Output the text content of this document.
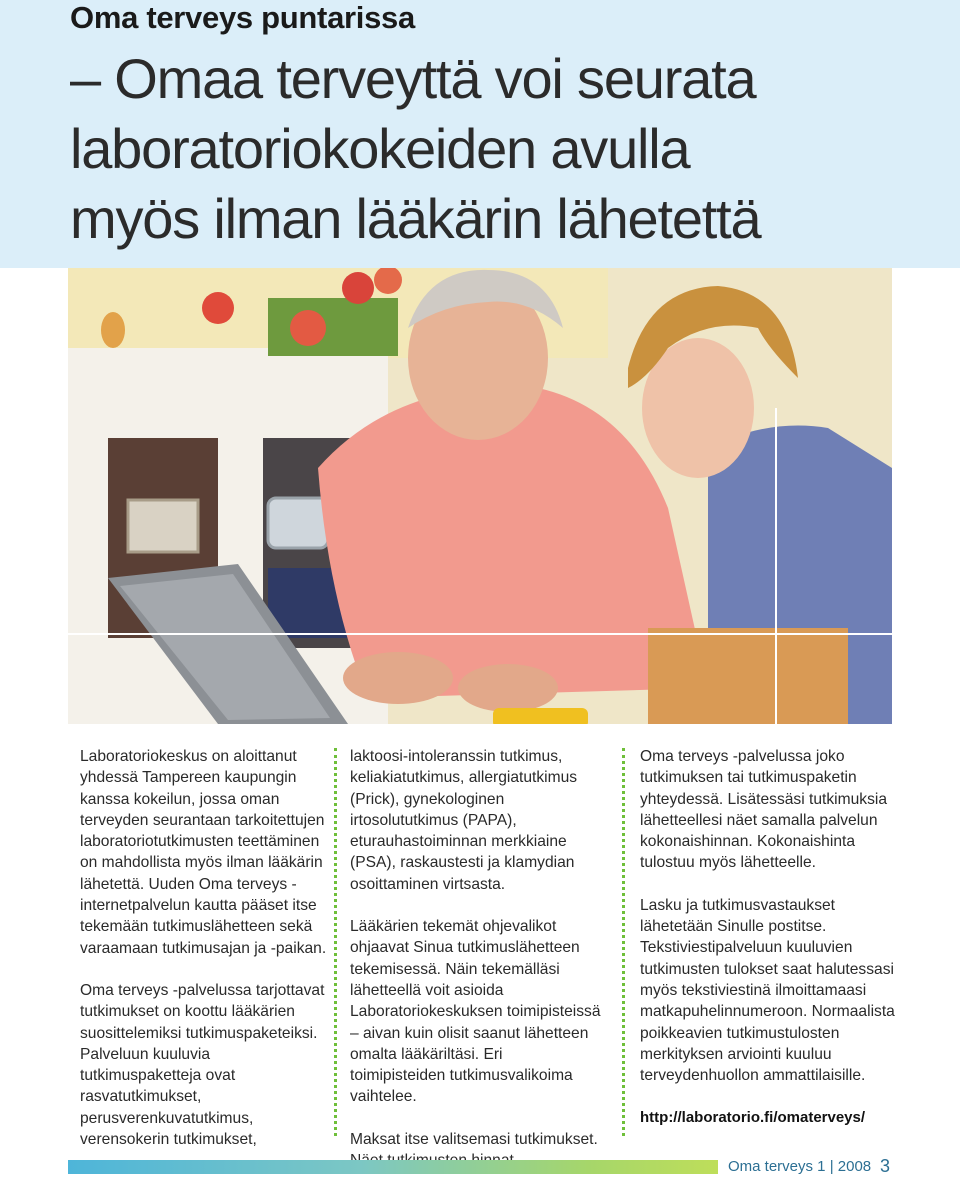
Oma terveys puntarissa
– Omaa terveyttä voi seurata
laboratoriokokeiden avulla
myös ilman lääkärin lähetettä

Laboratoriokeskus on aloittanut yhdessä Tampereen kaupungin kanssa kokeilun, jossa oman terveyden seurantaan tarkoitettujen laboratoriotutkimusten teettäminen on mahdollista myös ilman lääkärin lähetettä. Uuden Oma terveys -internetpalvelun kautta pääset itse tekemään tutkimuslähetteen sekä varaamaan tutkimusajan ja -paikan.

Oma terveys -palvelussa tarjottavat tutkimukset on koottu lääkärien suosittelemiksi tutkimuspaketeiksi. Palveluun kuuluvia tutkimuspaketteja ovat rasvatutkimukset, perusverenkuvatutkimus, verensokerin tutkimukset,

laktoosi-intoleranssin tutkimus, keliakiatutkimus, allergiatutkimus (Prick), gynekologinen irtosolututkimus (PAPA), eturauhastoiminnan merkkiaine (PSA), raskaustesti ja klamydian osoittaminen virtsasta.

Lääkärien tekemät ohjevalikot ohjaavat Sinua tutkimuslähetteen tekemisessä. Näin tekemälläsi lähetteellä voit asioida Laboratoriokeskuksen toimipisteissä – aivan kuin olisit saanut lähetteen omalta lääkäriltäsi. Eri toimipisteiden tutkimusvalikoima vaihtelee.

Maksat itse valitsemasi tutkimukset.

Oma terveys -palvelussa joko tutkimuksen tai tutkimuspaketin yhteydessä. Lisätessäsi tutkimuksia lähetteellesi näet samalla palvelun kokonaishinnan. Kokonaishinta tulostuu myös lähetteelle.

Lasku ja tutkimusvastaukset lähetetään Sinulle postitse. Tekstiviestipalveluun kuuluvien tutkimusten tulokset saat halutessasi myös tekstiviestinä ilmoittamaasi matkapuhelinnumeroon. Normaalista poikkeavien tutkimustulosten merkityksen arviointi kuuluu terveydenhuollon ammattilaisille.

http://laboratorio.fi/omaterveys/

Oma terveys 1 | 2008 3
